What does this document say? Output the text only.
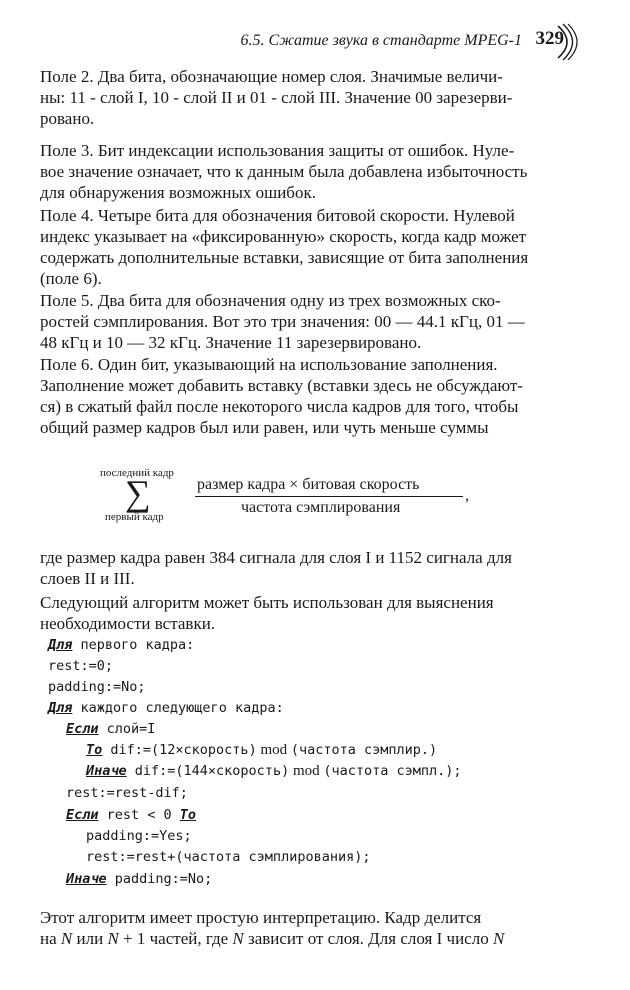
6.5. Сжатие звука в стандарте MPEG-1 329
Поле 2. Два бита, обозначающие номер слоя. Значимые величи-
ны: 11 - слой I, 10 - слой II и 01 - слой III. Значение 00 зарезерви-
ровано.
Поле 3. Бит индексации использования защиты от ошибок. Нуле-
вое значение означает, что к данным была добавлена избыточность
для обнаружения возможных ошибок.
Поле 4. Четыре бита для обозначения битовой скорости. Нулевой
индекс указывает на «фиксированную» скорость, когда кадр может
содержать дополнительные вставки, зависящие от бита заполнения
(поле 6).
Поле 5. Два бита для обозначения одну из трех возможных ско-
ростей сэмплирования. Вот это три значения: 00 — 44.1 кГц, 01 —
48 кГц и 10 — 32 кГц. Значение 11 зарезервировано.
Поле 6. Один бит, указывающий на использование заполнения.
Заполнение может добавить вставку (вставки здесь не обсуждают-
ся) в сжатый файл после некоторого числа кадров для того, чтобы
общий размер кадров был или равен, или чуть меньше суммы
последний кадр
∑
первый кадр
размер кадра × битовая скорость
частота сэмплирования
,
где размер кадра равен 384 сигнала для слоя I и 1152 сигнала для
слоев II и III.
Следующий алгоритм может быть использован для выяснения
необходимости вставки.
Для первого кадра:
rest:=0;
padding:=No;
Для каждого следующего кадра:
Если слой=I
То dif:=(12×скорость) mod (частота сэмплир.)
Иначе dif:=(144×скорость) mod (частота сэмпл.);
rest:=rest-dif;
Если rest < 0 То
padding:=Yes;
rest:=rest+(частота сэмплирования);
Иначе padding:=No;
Этот алгоритм имеет простую интерпретацию. Кадр делится
на N или N + 1 частей, где N зависит от слоя. Для слоя I число N
